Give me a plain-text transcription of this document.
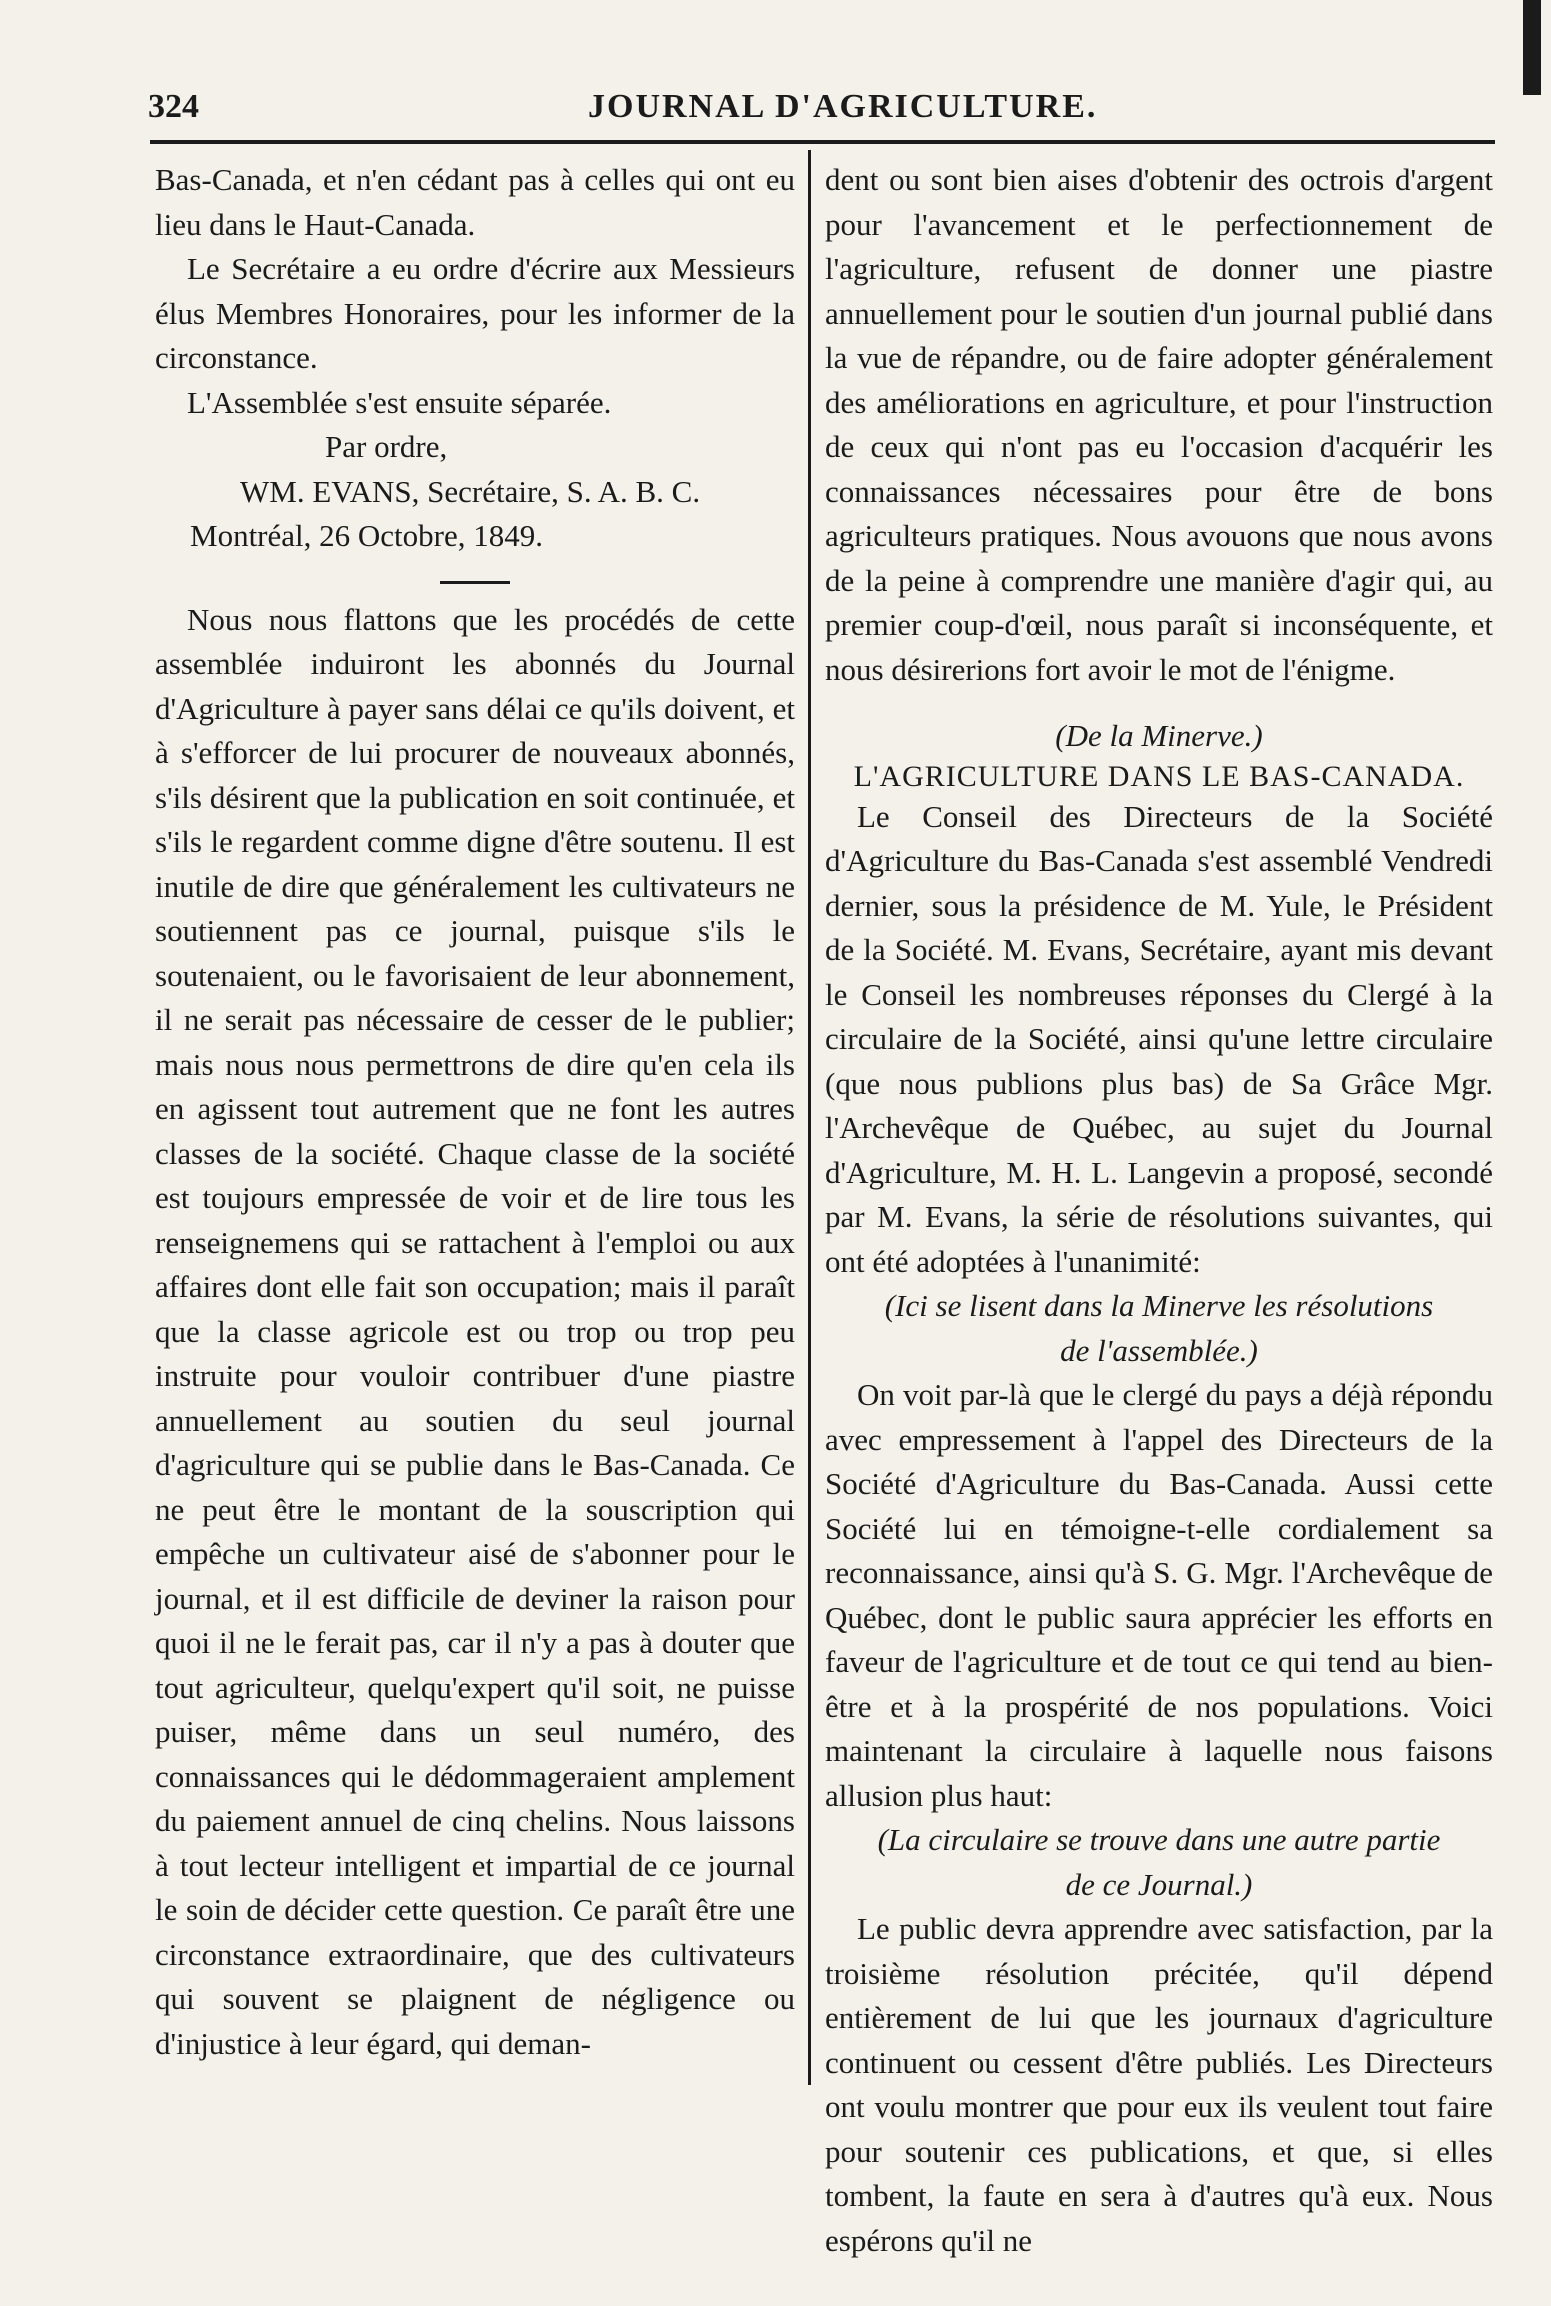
324	JOURNAL D'AGRICULTURE.

Bas-Canada, et n'en cédant pas à celles qui ont eu lieu dans le Haut-Canada.

Le Secrétaire a eu ordre d'écrire aux Messieurs élus Membres Honoraires, pour les informer de la circonstance.

L'Assemblée s'est ensuite séparée.

Par ordre,

WM. EVANS, Secrétaire, S. A. B. C.

Montréal, 26 Octobre, 1849.

Nous nous flattons que les procédés de cette assemblée induiront les abonnés du Journal d'Agriculture à payer sans délai ce qu'ils doivent, et à s'efforcer de lui procurer de nouveaux abonnés, s'ils désirent que la publication en soit continuée, et s'ils le regardent comme digne d'être soutenu. Il est inutile de dire que généralement les cultivateurs ne soutiennent pas ce journal, puisque s'ils le soutenaient, ou le favorisaient de leur abonnement, il ne serait pas nécessaire de cesser de le publier; mais nous nous permettrons de dire qu'en cela ils en agissent tout autrement que ne font les autres classes de la société. Chaque classe de la société est toujours empressée de voir et de lire tous les renseignemens qui se rattachent à l'emploi ou aux affaires dont elle fait son occupation; mais il paraît que la classe agricole est ou trop ou trop peu instruite pour vouloir contribuer d'une piastre annuellement au soutien du seul journal d'agriculture qui se publie dans le Bas-Canada. Ce ne peut être le montant de la souscription qui empêche un cultivateur aisé de s'abonner pour le journal, et il est difficile de deviner la raison pour quoi il ne le ferait pas, car il n'y a pas à douter que tout agriculteur, quelqu'expert qu'il soit, ne puisse puiser, même dans un seul numéro, des connaissances qui le dédommageraient amplement du paiement annuel de cinq chelins. Nous laissons à tout lecteur intelligent et impartial de ce journal le soin de décider cette question. Ce paraît être une circonstance extraordinaire, que des cultivateurs qui souvent se plaignent de négligence ou d'injustice à leur égard, qui deman-

dent ou sont bien aises d'obtenir des octrois d'argent pour l'avancement et le perfectionnement de l'agriculture, refusent de donner une piastre annuellement pour le soutien d'un journal publié dans la vue de répandre, ou de faire adopter généralement des améliorations en agriculture, et pour l'instruction de ceux qui n'ont pas eu l'occasion d'acquérir les connaissances nécessaires pour être de bons agriculteurs pratiques. Nous avouons que nous avons de la peine à comprendre une manière d'agir qui, au premier coup-d'œil, nous paraît si inconséquente, et nous désirerions fort avoir le mot de l'énigme.

(De la Minerve.)

L'AGRICULTURE DANS LE BAS-CANADA.

Le Conseil des Directeurs de la Société d'Agriculture du Bas-Canada s'est assemblé Vendredi dernier, sous la présidence de M. Yule, le Président de la Société. M. Evans, Secrétaire, ayant mis devant le Conseil les nombreuses réponses du Clergé à la circulaire de la Société, ainsi qu'une lettre circulaire (que nous publions plus bas) de Sa Grâce Mgr. l'Archevêque de Québec, au sujet du Journal d'Agriculture, M. H. L. Langevin a proposé, secondé par M. Evans, la série de résolutions suivantes, qui ont été adoptées à l'unanimité:

(Ici se lisent dans la Minerve les résolutions
de l'assemblée.)

On voit par-là que le clergé du pays a déjà répondu avec empressement à l'appel des Directeurs de la Société d'Agriculture du Bas-Canada. Aussi cette Société lui en témoigne-t-elle cordialement sa reconnaissance, ainsi qu'à S. G. Mgr. l'Archevêque de Québec, dont le public saura apprécier les efforts en faveur de l'agriculture et de tout ce qui tend au bien-être et à la prospérité de nos populations. Voici maintenant la circulaire à laquelle nous faisons allusion plus haut:

(La circulaire se trouve dans une autre partie
de ce Journal.)

Le public devra apprendre avec satisfaction, par la troisième résolution précitée, qu'il dépend entièrement de lui que les journaux d'agriculture continuent ou cessent d'être publiés. Les Directeurs ont voulu montrer que pour eux ils veulent tout faire pour soutenir ces publications, et que, si elles tombent, la faute en sera à d'autres qu'à eux. Nous espérons qu'il ne
